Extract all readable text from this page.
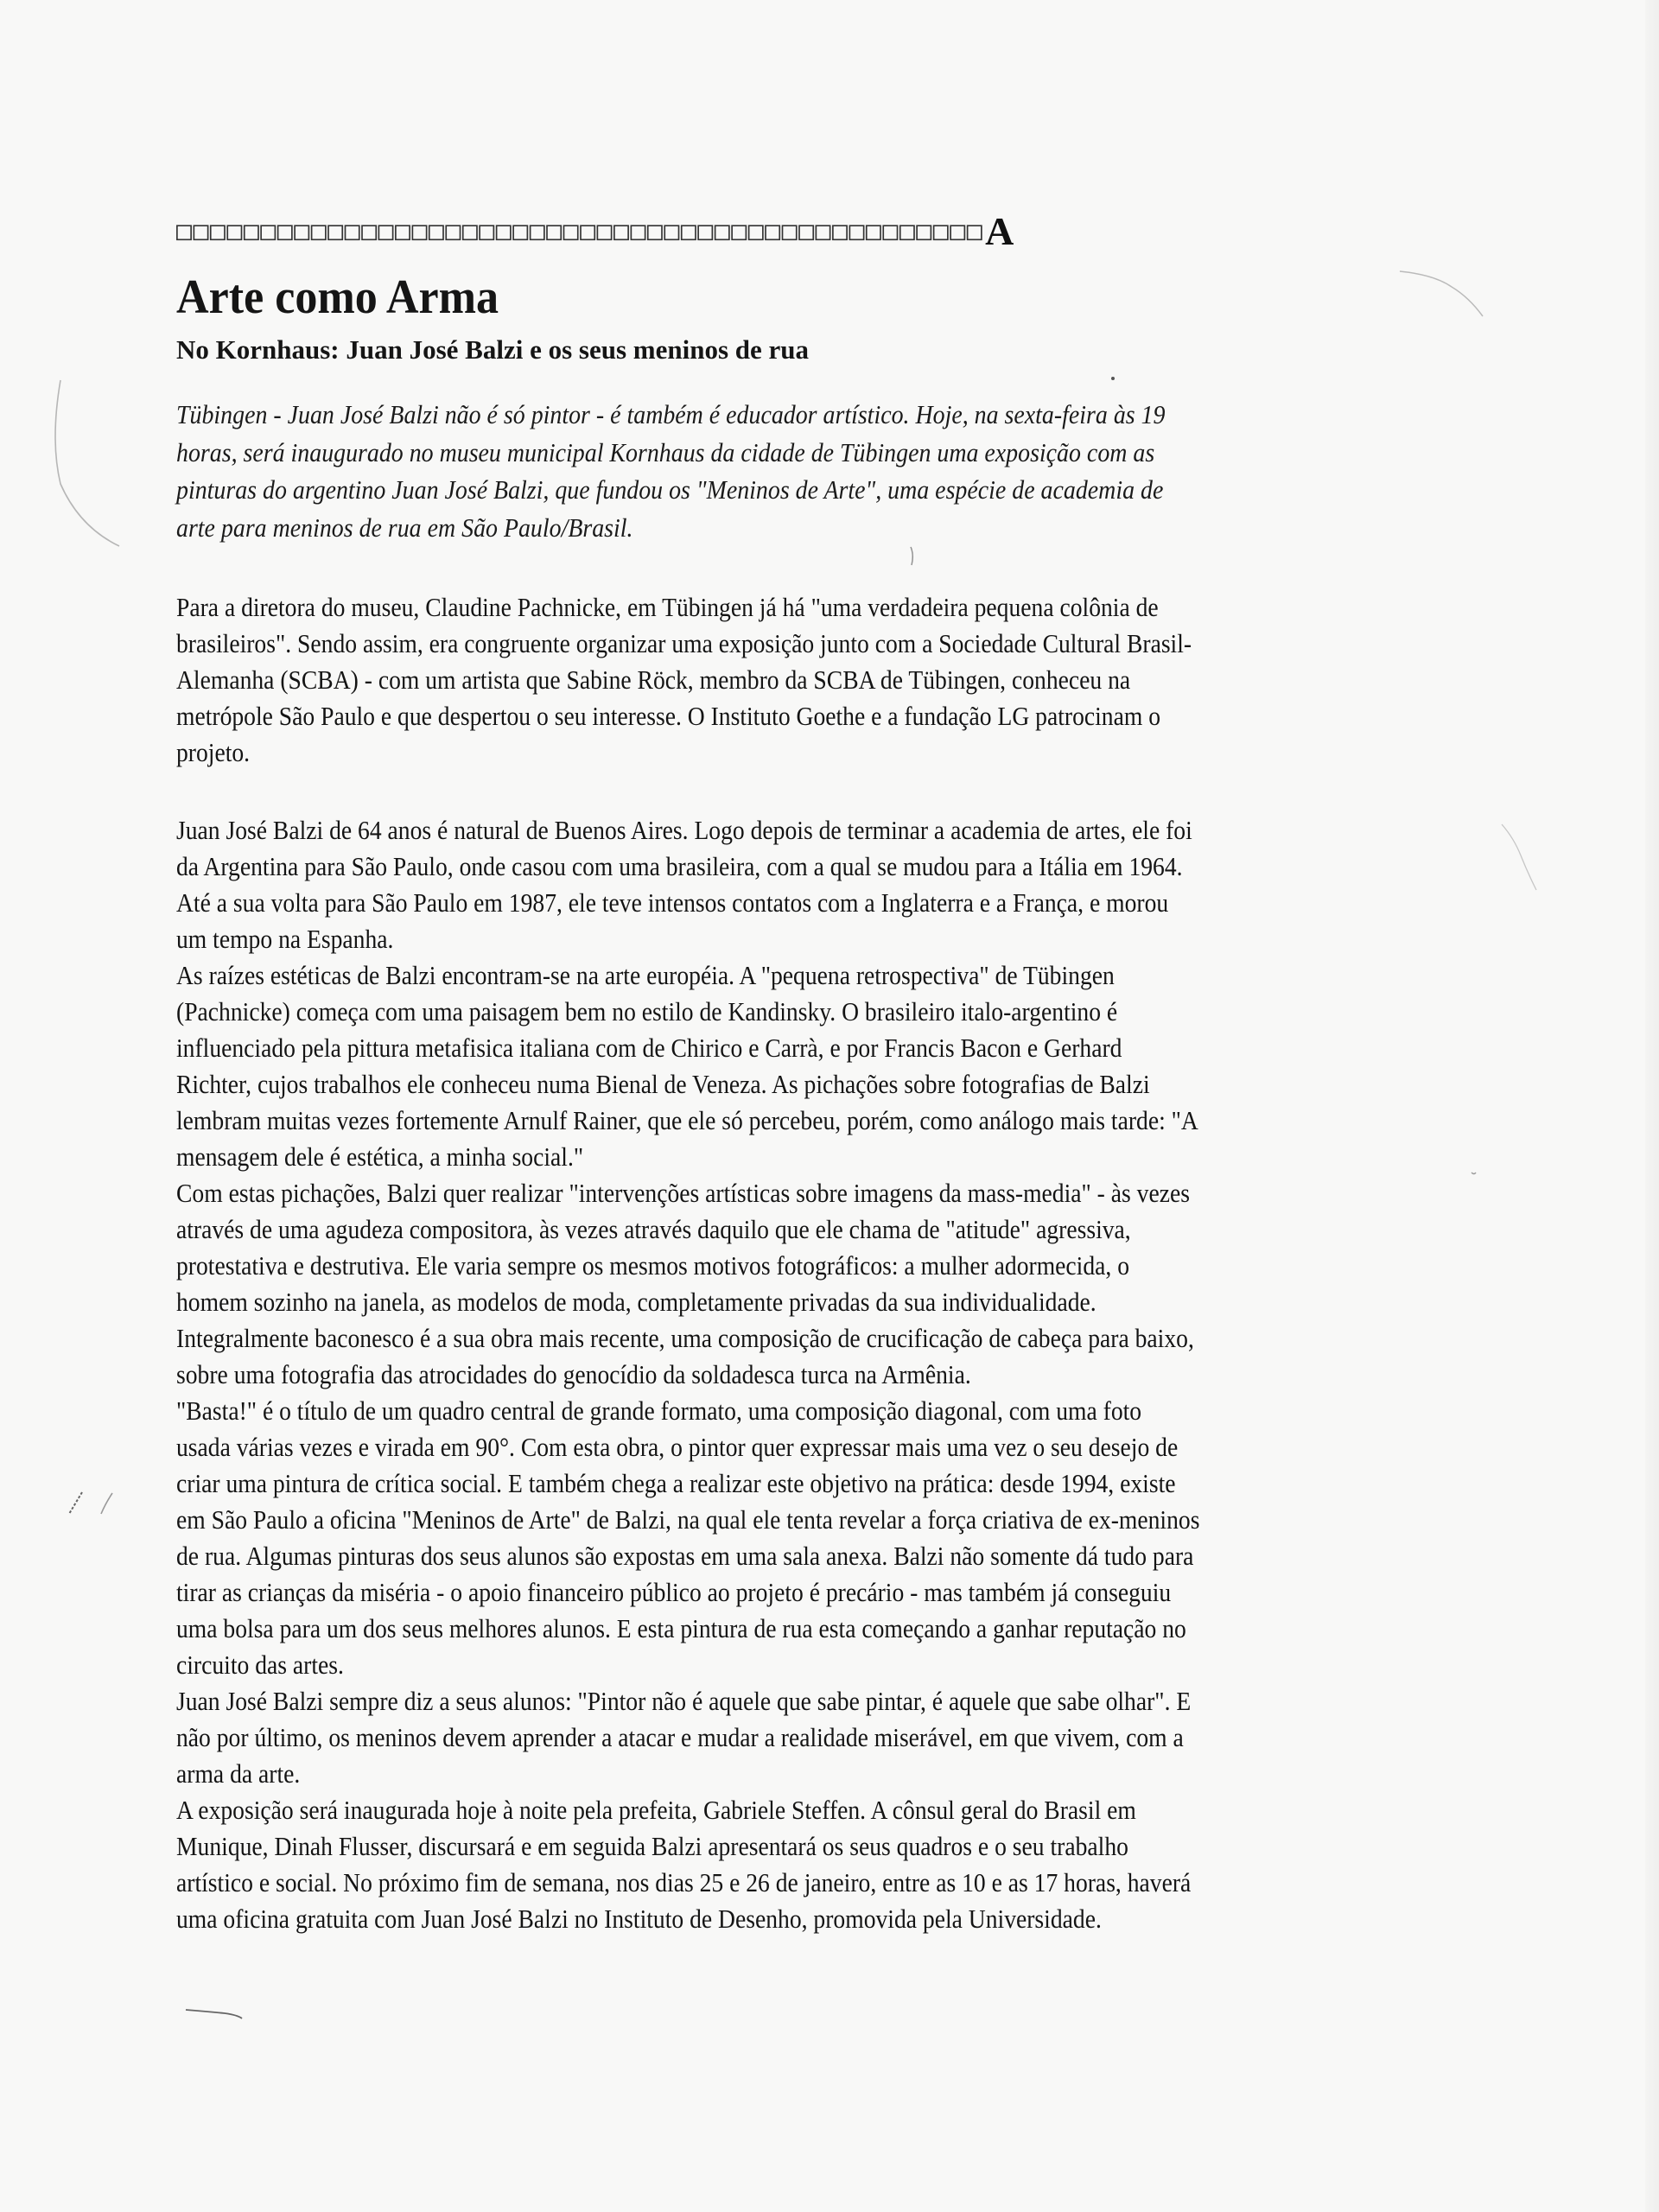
□□□□□□□□□□□□□□□□□□□□□□□□□□□□□□□□□□□□□□□□□□□□□□□□ A
Arte como Arma
No Kornhaus: Juan José Balzi e os seus meninos de rua
Tübingen - Juan José Balzi não é só pintor - é também é educador artístico. Hoje, na sexta-feira às 19
horas, será inaugurado no museu municipal Kornhaus da cidade de Tübingen uma exposição com as
pinturas do argentino Juan José Balzi, que fundou os "Meninos de Arte", uma espécie de academia de
arte para meninos de rua em São Paulo/Brasil.
Para a diretora do museu, Claudine Pachnicke, em Tübingen já há "uma verdadeira pequena colônia de
brasileiros". Sendo assim, era congruente organizar uma exposição junto com a Sociedade Cultural Brasil-
Alemanha (SCBA) - com um artista que Sabine Röck, membro da SCBA de Tübingen, conheceu na
metrópole São Paulo e que despertou o seu interesse. O Instituto Goethe e a fundação LG patrocinam o
projeto.
Juan José Balzi de 64 anos é natural de Buenos Aires. Logo depois de terminar a academia de artes, ele foi
da Argentina para São Paulo, onde casou com uma brasileira, com a qual se mudou para a Itália em 1964.
Até a sua volta para São Paulo em 1987, ele teve intensos contatos com a Inglaterra e a França, e morou
um tempo na Espanha.
As raízes estéticas de Balzi encontram-se na arte européia. A "pequena retrospectiva" de Tübingen
(Pachnicke) começa com uma paisagem bem no estilo de Kandinsky. O brasileiro italo-argentino é
influenciado pela pittura metafisica italiana com de Chirico e Carrà, e por Francis Bacon e Gerhard
Richter, cujos trabalhos ele conheceu numa Bienal de Veneza. As pichações sobre fotografias de Balzi
lembram muitas vezes fortemente Arnulf Rainer, que ele só percebeu, porém, como análogo mais tarde: "A
mensagem dele é estética, a minha social."
Com estas pichações, Balzi quer realizar "intervenções artísticas sobre imagens da mass-media" - às vezes
através de uma agudeza compositora, às vezes através daquilo que ele chama de "atitude" agressiva,
protestativa e destrutiva. Ele varia sempre os mesmos motivos fotográficos: a mulher adormecida, o
homem sozinho na janela, as modelos de moda, completamente privadas da sua individualidade.
Integralmente baconesco é a sua obra mais recente, uma composição de crucificação de cabeça para baixo,
sobre uma fotografia das atrocidades do genocídio da soldadesca turca na Armênia.
"Basta!" é o título de um quadro central de grande formato, uma composição diagonal, com uma foto
usada várias vezes e virada em 90°. Com esta obra, o pintor quer expressar mais uma vez o seu desejo de
criar uma pintura de crítica social. E também chega a realizar este objetivo na prática: desde 1994, existe
em São Paulo a oficina "Meninos de Arte" de Balzi, na qual ele tenta revelar a força criativa de ex-meninos
de rua. Algumas pinturas dos seus alunos são expostas em uma sala anexa. Balzi não somente dá tudo para
tirar as crianças da miséria - o apoio financeiro público ao projeto é precário - mas também já conseguiu
uma bolsa para um dos seus melhores alunos. E esta pintura de rua esta começando a ganhar reputação no
circuito das artes.
Juan José Balzi sempre diz a seus alunos: "Pintor não é aquele que sabe pintar, é aquele que sabe olhar". E
não por último, os meninos devem aprender a atacar e mudar a realidade miserável, em que vivem, com a
arma da arte.
A exposição será inaugurada hoje à noite pela prefeita, Gabriele Steffen. A cônsul geral do Brasil em
Munique, Dinah Flusser, discursará e em seguida Balzi apresentará os seus quadros e o seu trabalho
artístico e social. No próximo fim de semana, nos dias 25 e 26 de janeiro, entre as 10 e as 17 horas, haverá
uma oficina gratuita com Juan José Balzi no Instituto de Desenho, promovida pela Universidade.
